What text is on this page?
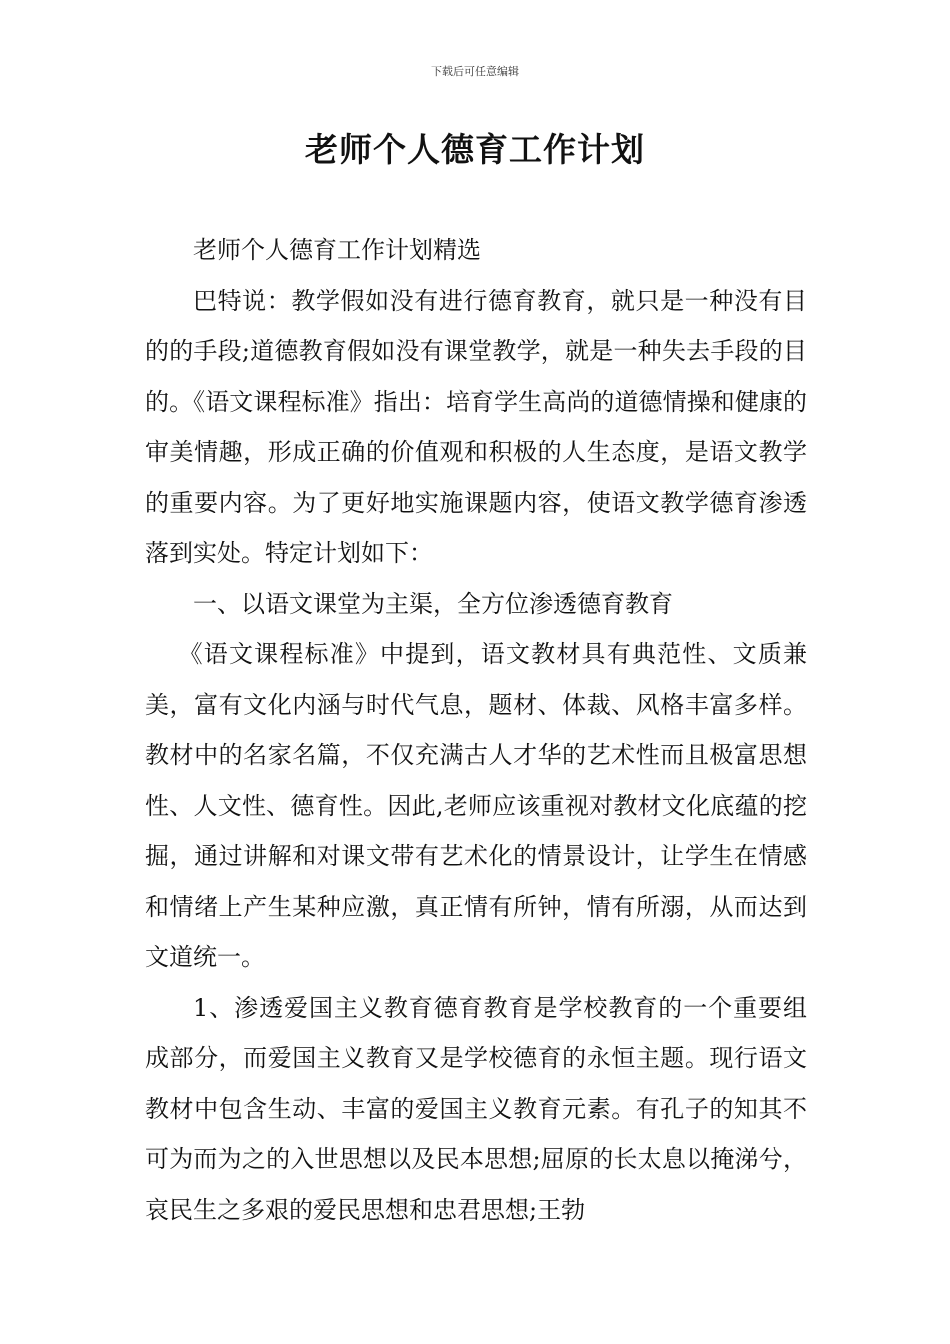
下载后可任意编辑
老师个人德育工作计划

老师个人德育工作计划精选

巴特说：教学假如没有进行德育教育，就只是一种没有目的的手段;道德教育假如没有课堂教学，就是一种失去手段的目的。《语文课程标准》指出：培育学生高尚的道德情操和健康的审美情趣，形成正确的价值观和积极的人生态度，是语文教学的重要内容。为了更好地实施课题内容，使语文教学德育渗透落到实处。特定计划如下：

一、以语文课堂为主渠，全方位渗透德育教育

《语文课程标准》中提到，语文教材具有典范性、文质兼美，富有文化内涵与时代气息，题材、体裁、风格丰富多样。教材中的名家名篇，不仅充满古人才华的艺术性而且极富思想性、人文性、德育性。因此,老师应该重视对教材文化底蕴的挖掘，通过讲解和对课文带有艺术化的情景设计，让学生在情感和情绪上产生某种应激，真正情有所钟，情有所溺，从而达到文道统一。

1、渗透爱国主义教育德育教育是学校教育的一个重要组成部分，而爱国主义教育又是学校德育的永恒主题。现行语文教材中包含生动、丰富的爱国主义教育元素。有孔子的知其不可为而为之的入世思想以及民本思想;屈原的长太息以掩涕兮，哀民生之多艰的爱民思想和忠君思想;王勃
